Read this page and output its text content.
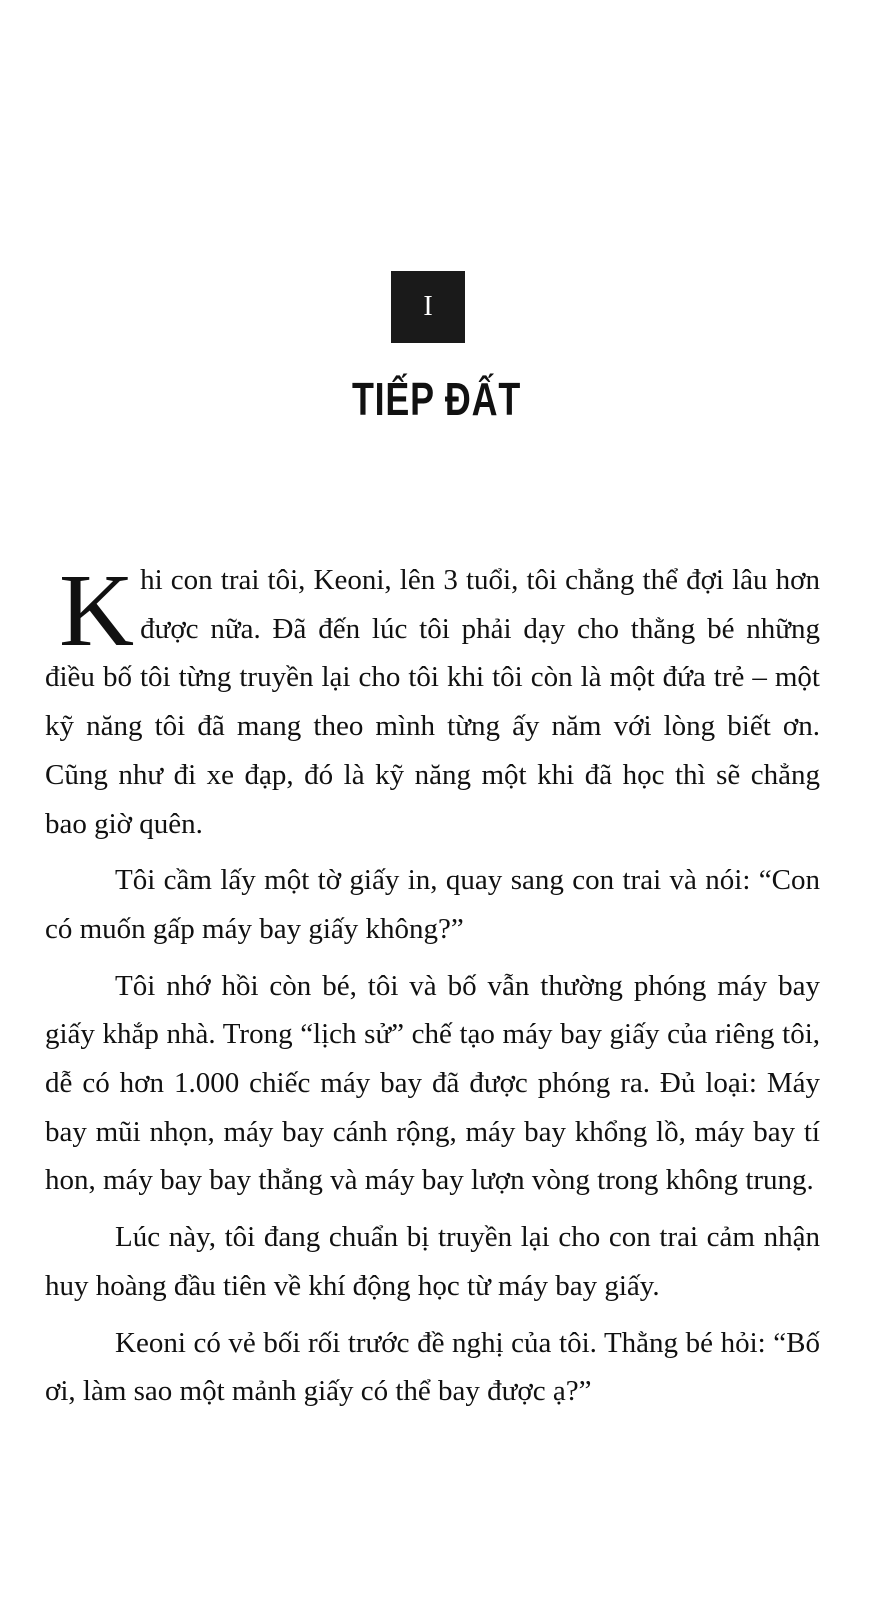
I
TIẾP ĐẤT

Khi con trai tôi, Keoni, lên 3 tuổi, tôi chẳng thể đợi lâu hơn được nữa. Đã đến lúc tôi phải dạy cho thằng bé những điều bố tôi từng truyền lại cho tôi khi tôi còn là một đứa trẻ – một kỹ năng tôi đã mang theo mình từng ấy năm với lòng biết ơn. Cũng như đi xe đạp, đó là kỹ năng một khi đã học thì sẽ chẳng bao giờ quên.

Tôi cầm lấy một tờ giấy in, quay sang con trai và nói: “Con có muốn gấp máy bay giấy không?”

Tôi nhớ hồi còn bé, tôi và bố vẫn thường phóng máy bay giấy khắp nhà. Trong “lịch sử” chế tạo máy bay giấy của riêng tôi, dễ có hơn 1.000 chiếc máy bay đã được phóng ra. Đủ loại: Máy bay mũi nhọn, máy bay cánh rộng, máy bay khổng lồ, máy bay tí hon, máy bay bay thẳng và máy bay lượn vòng trong không trung.

Lúc này, tôi đang chuẩn bị truyền lại cho con trai cảm nhận huy hoàng đầu tiên về khí động học từ máy bay giấy.

Keoni có vẻ bối rối trước đề nghị của tôi. Thằng bé hỏi: “Bố ơi, làm sao một mảnh giấy có thể bay được ạ?”
